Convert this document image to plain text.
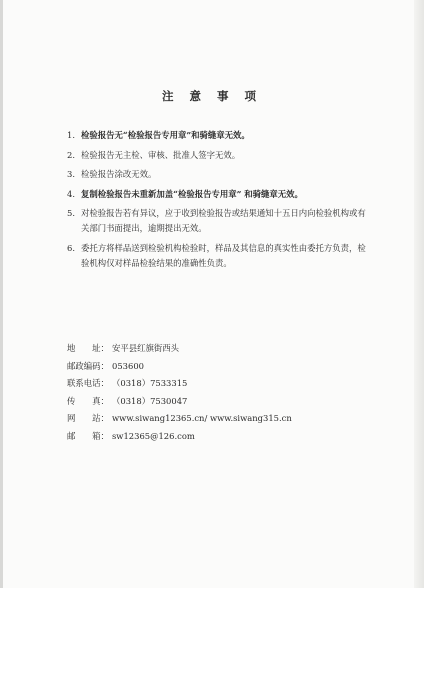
注 意 事 项
1. 检验报告无“检验报告专用章”和骑缝章无效。
2. 检验报告无主检、审核、批准人签字无效。
3. 检验报告涂改无效。
4. 复制检验报告未重新加盖“检验报告专用章” 和骑缝章无效。
5. 对检验报告若有异议，应于收到检验报告或结果通知十五日内向检验机构或有关部门书面提出，逾期提出无效。
6. 委托方将样品送到检验机构检验时，样品及其信息的真实性由委托方负责，检验机构仅对样品检验结果的准确性负责。
地　　址： 安平县红旗街西头
邮政编码： 053600
联系电话： （0318）7533315
传　　真： （0318）7530047
网　　站： www.siwang12365.cn/ www.siwang315.cn
邮　　箱： sw12365@126.com
